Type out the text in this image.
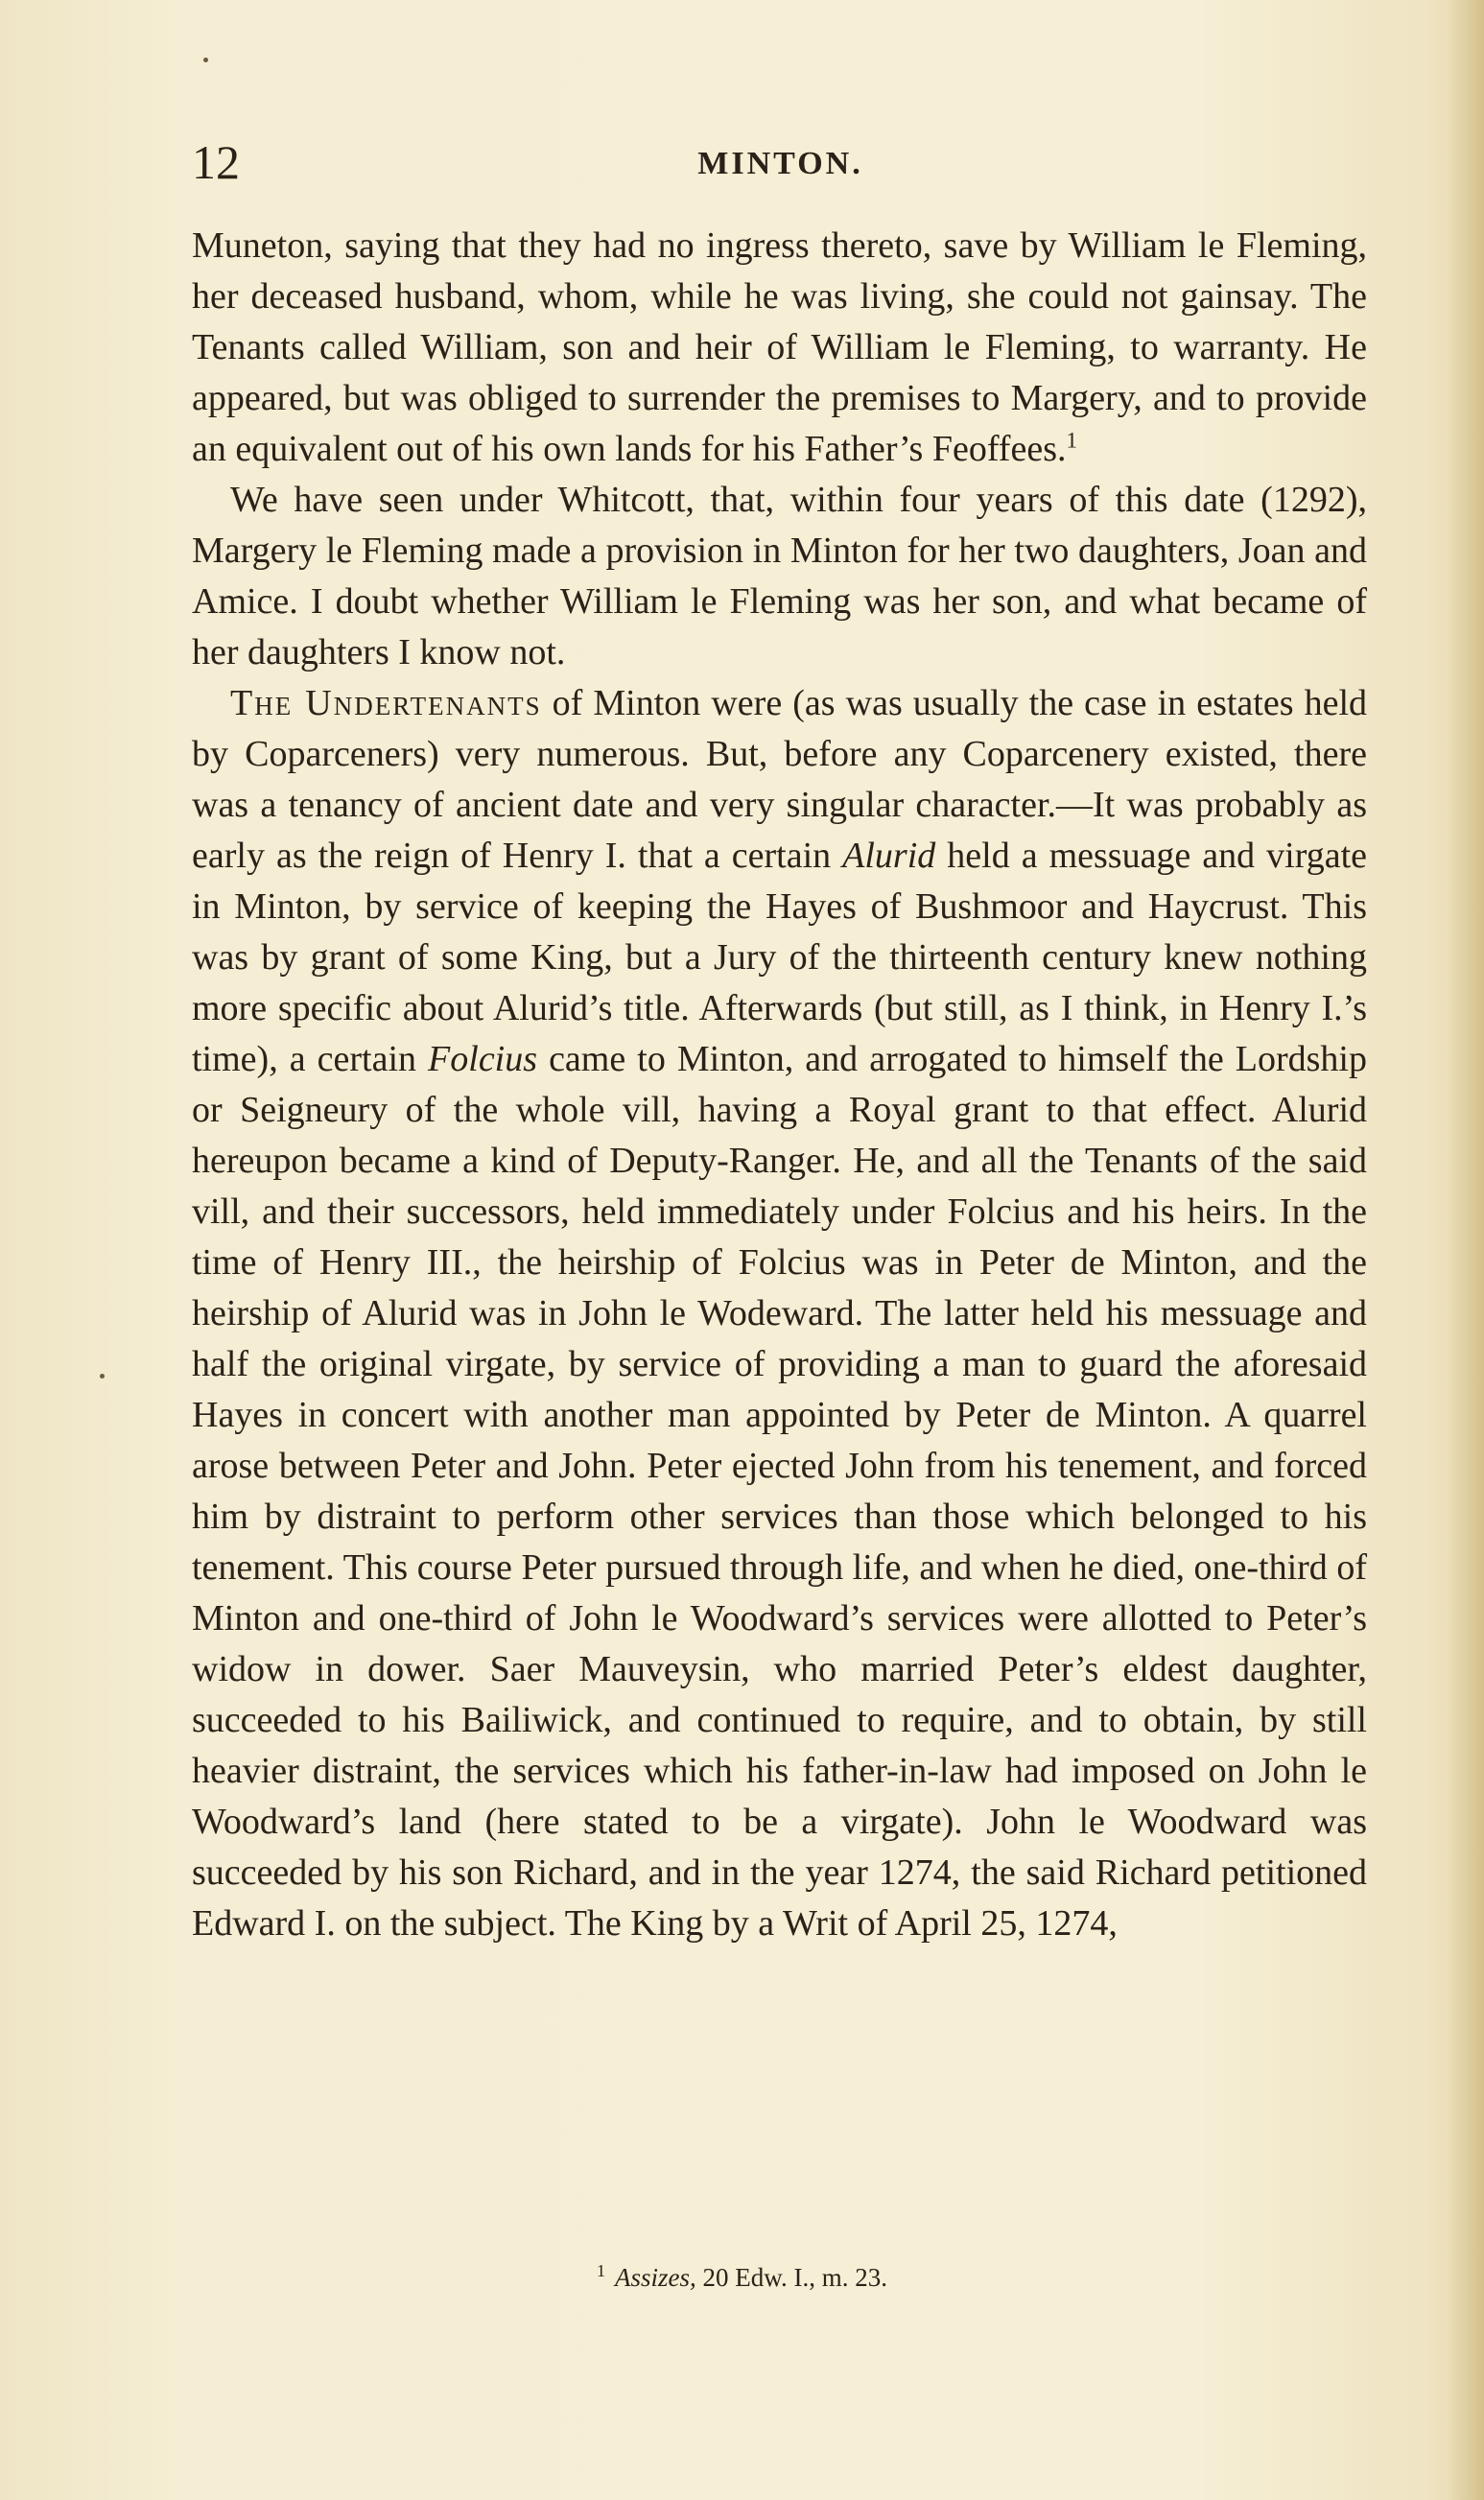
12	MINTON.

Muneton, saying that they had no ingress thereto, save by William le Fleming, her deceased husband, whom, while he was living, she could not gainsay. The Tenants called William, son and heir of William le Fleming, to warranty. He appeared, but was obliged to surrender the premises to Margery, and to provide an equivalent out of his own lands for his Father’s Feoffees.$^1$

We have seen under Whitcott, that, within four years of this date (1292), Margery le Fleming made a provision in Minton for her two daughters, Joan and Amice. I doubt whether William le Fleming was her son, and what became of her daughters I know not.

The Undertenants of Minton were (as was usually the case in estates held by Coparceners) very numerous. But, before any Coparcenery existed, there was a tenancy of ancient date and very singular character.—It was probably as early as the reign of Henry I. that a certain Alurid held a messuage and virgate in Minton, by service of keeping the Hayes of Bushmoor and Haycrust. This was by grant of some King, but a Jury of the thirteenth century knew nothing more specific about Alurid’s title. Afterwards (but still, as I think, in Henry I.’s time), a certain Folcius came to Minton, and arrogated to himself the Lordship or Seigneury of the whole vill, having a Royal grant to that effect. Alurid hereupon became a kind of Deputy-Ranger. He, and all the Tenants of the said vill, and their successors, held immediately under Folcius and his heirs. In the time of Henry III., the heirship of Folcius was in Peter de Minton, and the heirship of Alurid was in John le Wodeward. The latter held his messuage and half the original virgate, by service of providing a man to guard the aforesaid Hayes in concert with another man appointed by Peter de Minton. A quarrel arose between Peter and John. Peter ejected John from his tenement, and forced him by distraint to perform other services than those which belonged to his tenement. This course Peter pursued through life, and when he died, one-third of Minton and one-third of John le Woodward’s services were allotted to Peter’s widow in dower. Saer Mauveysin, who married Peter’s eldest daughter, succeeded to his Bailiwick, and continued to require, and to obtain, by still heavier distraint, the services which his father-in-law had imposed on John le Woodward’s land (here stated to be a virgate). John le Woodward was succeeded by his son Richard, and in the year 1274, the said Richard petitioned Edward I. on the subject. The King by a Writ of April 25, 1274,

$^1$ Assizes, 20 Edw. I., m. 23.
